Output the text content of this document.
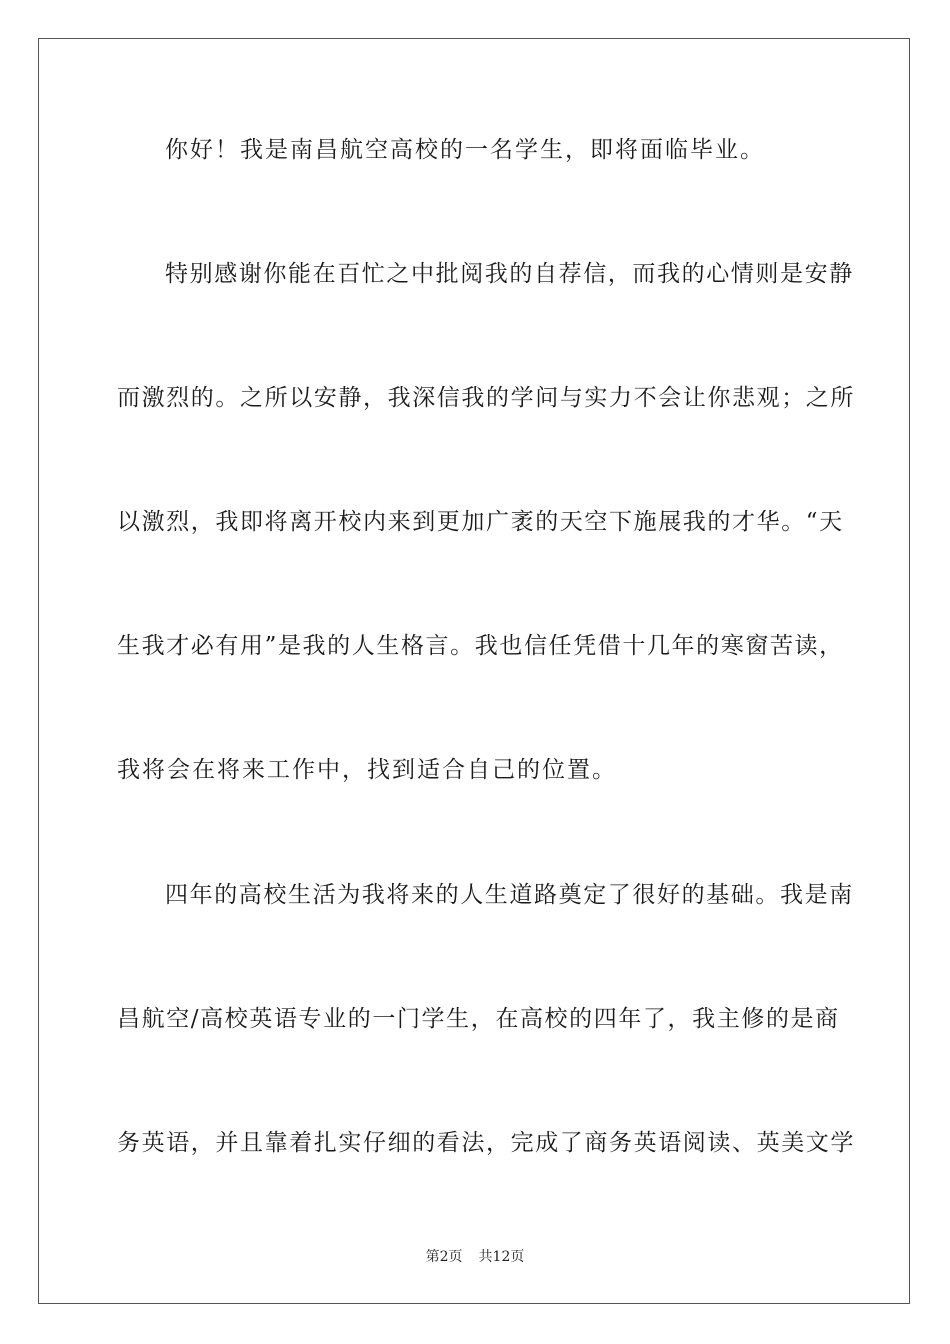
你好！我是南昌航空高校的一名学生，即将面临毕业。
特别感谢你能在百忙之中批阅我的自荐信，而我的心情则是安静
而激烈的。之所以安静，我深信我的学问与实力不会让你悲观；之所
以激烈，我即将离开校内来到更加广袤的天空下施展我的才华。“天
生我才必有用”是我的人生格言。我也信任凭借十几年的寒窗苦读，
我将会在将来工作中，找到适合自己的位置。
四年的高校生活为我将来的人生道路奠定了很好的基础。我是南
昌航空/高校英语专业的一门学生，在高校的四年了，我主修的是商
务英语，并且靠着扎实仔细的看法，完成了商务英语阅读、英美文学
第2页 共12页
